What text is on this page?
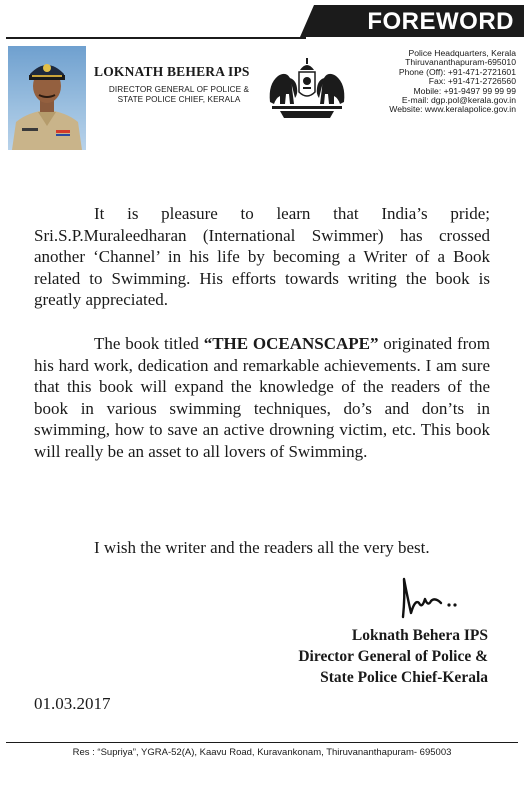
FOREWORD
LOKNATH BEHERA IPS
DIRECTOR GENERAL OF POLICE &
STATE POLICE CHIEF, KERALA
Police Headquarters, Kerala
Thiruvananthapuram-695010
Phone (Off): +91-471-2721601
Fax: +91-471-2726560
Mobile: +91-9497 99 99 99
E-mail: dgp.pol@kerala.gov.in
Website: www.keralapolice.gov.in

It is pleasure to learn that India’s pride; Sri.S.P.Muraleedharan (International Swimmer) has crossed another ‘Channel’ in his life by becoming a Writer of a Book related to Swimming. His efforts towards writing the book is greatly appreciated.

The book titled “THE OCEANSCAPE” originated from his hard work, dedication and remarkable achievements. I am sure that this book will expand the knowledge of the readers of the book in various swimming techniques, do’s and don’ts in swimming, how to save an active drowning victim, etc. This book will really be an asset to all lovers of Swimming.

I wish the writer and the readers all the very best.

Loknath Behera IPS
Director General of Police &
State Police Chief-Kerala
01.03.2017
Res : “Supriya”, YGRA-52(A), Kaavu Road, Kuravankonam, Thiruvananthapuram- 695003
